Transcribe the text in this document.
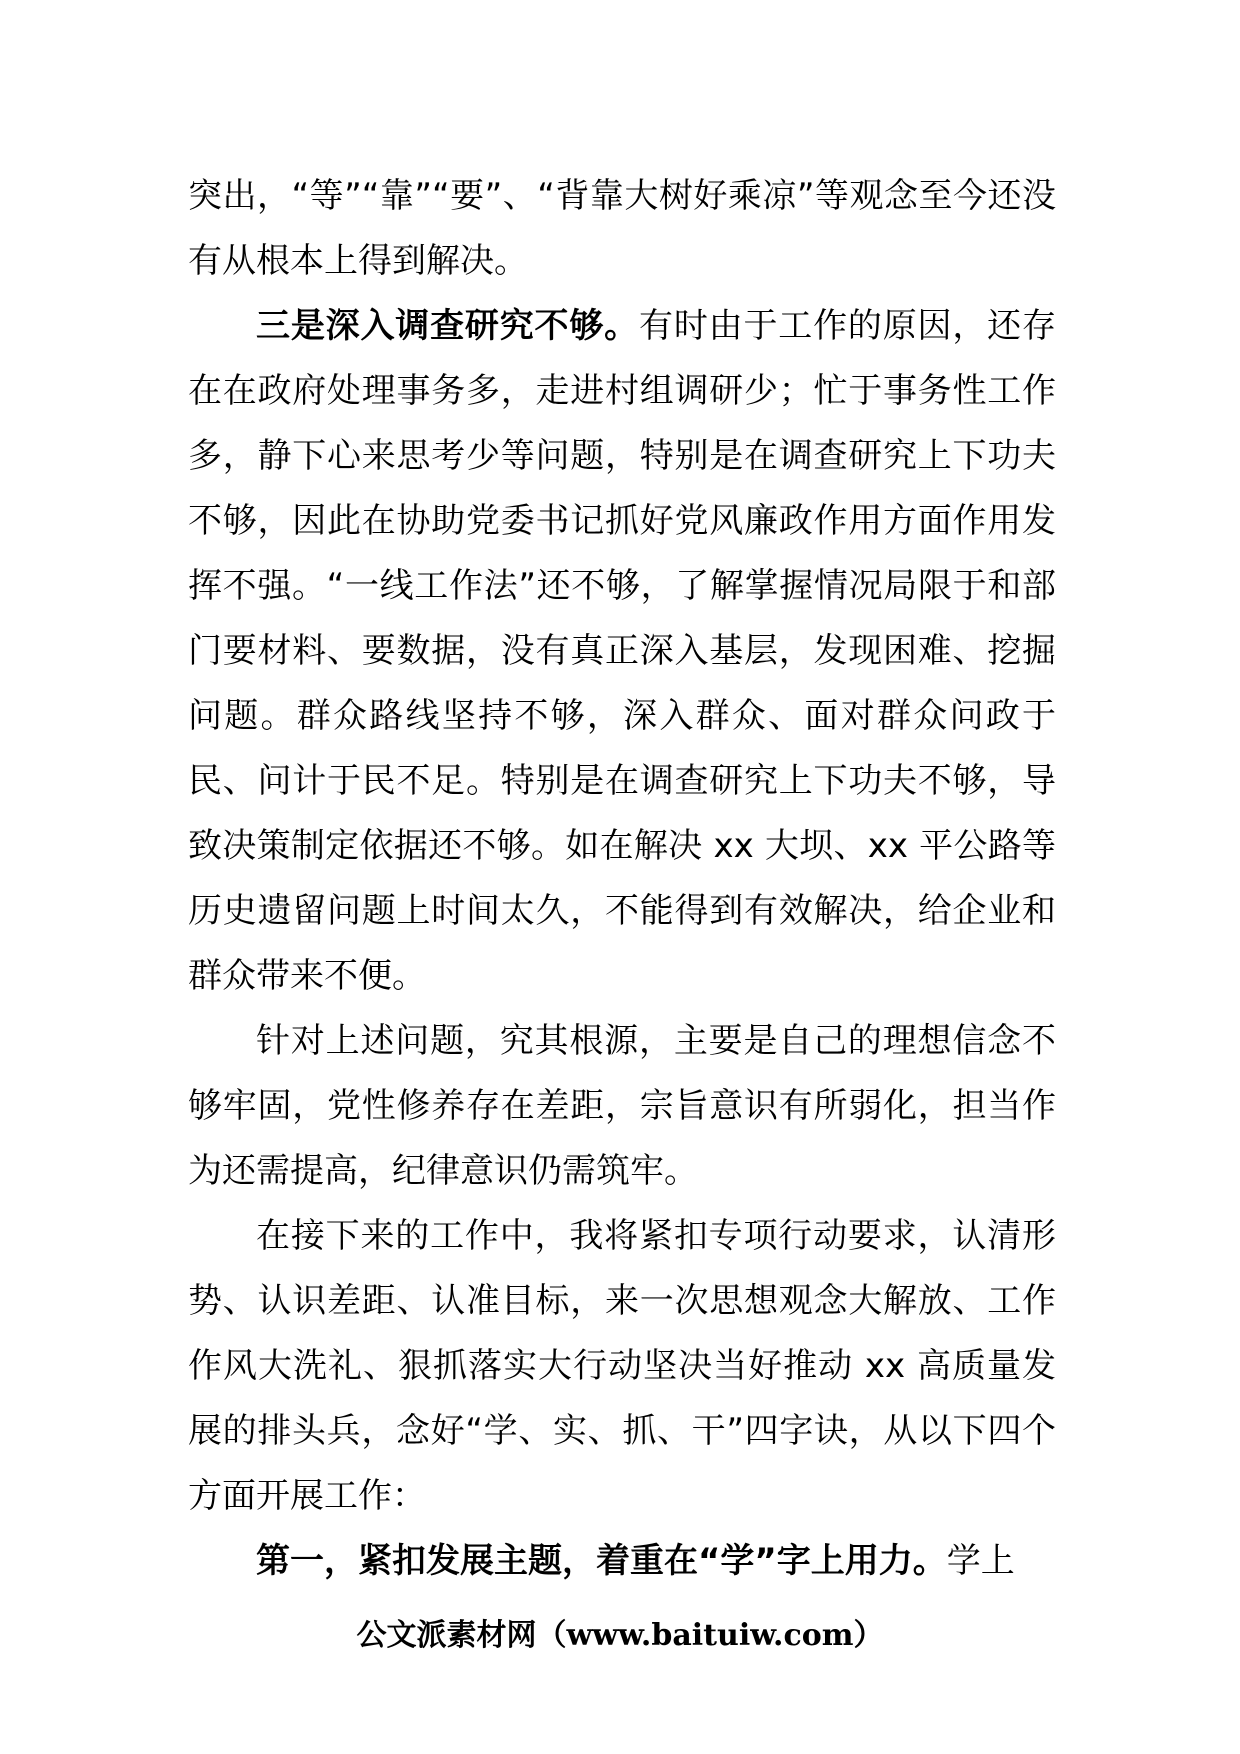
突出，“等”“靠”“要”、“背靠大树好乘凉”等观念至今还没有从根本上得到解决。

三是深入调查研究不够。有时由于工作的原因，还存在在政府处理事务多，走进村组调研少；忙于事务性工作多，静下心来思考少等问题，特别是在调查研究上下功夫不够，因此在协助党委书记抓好党风廉政作用方面作用发挥不强。“一线工作法”还不够，了解掌握情况局限于和部门要材料、要数据，没有真正深入基层，发现困难、挖掘问题。群众路线坚持不够，深入群众、面对群众问政于民、问计于民不足。特别是在调查研究上下功夫不够，导致决策制定依据还不够。如在解决 xx 大坝、xx 平公路等历史遗留问题上时间太久，不能得到有效解决，给企业和群众带来不便。

针对上述问题，究其根源，主要是自己的理想信念不够牢固，党性修养存在差距，宗旨意识有所弱化，担当作为还需提高，纪律意识仍需筑牢。

在接下来的工作中，我将紧扣专项行动要求，认清形势、认识差距、认准目标，来一次思想观念大解放、工作作风大洗礼、狠抓落实大行动坚决当好推动 xx 高质量发展的排头兵，念好“学、实、抓、干”四字诀，从以下四个方面开展工作：

第一，紧扣发展主题，着重在“学”字上用力。学上

公文派素材网（www.baituiw.com）
